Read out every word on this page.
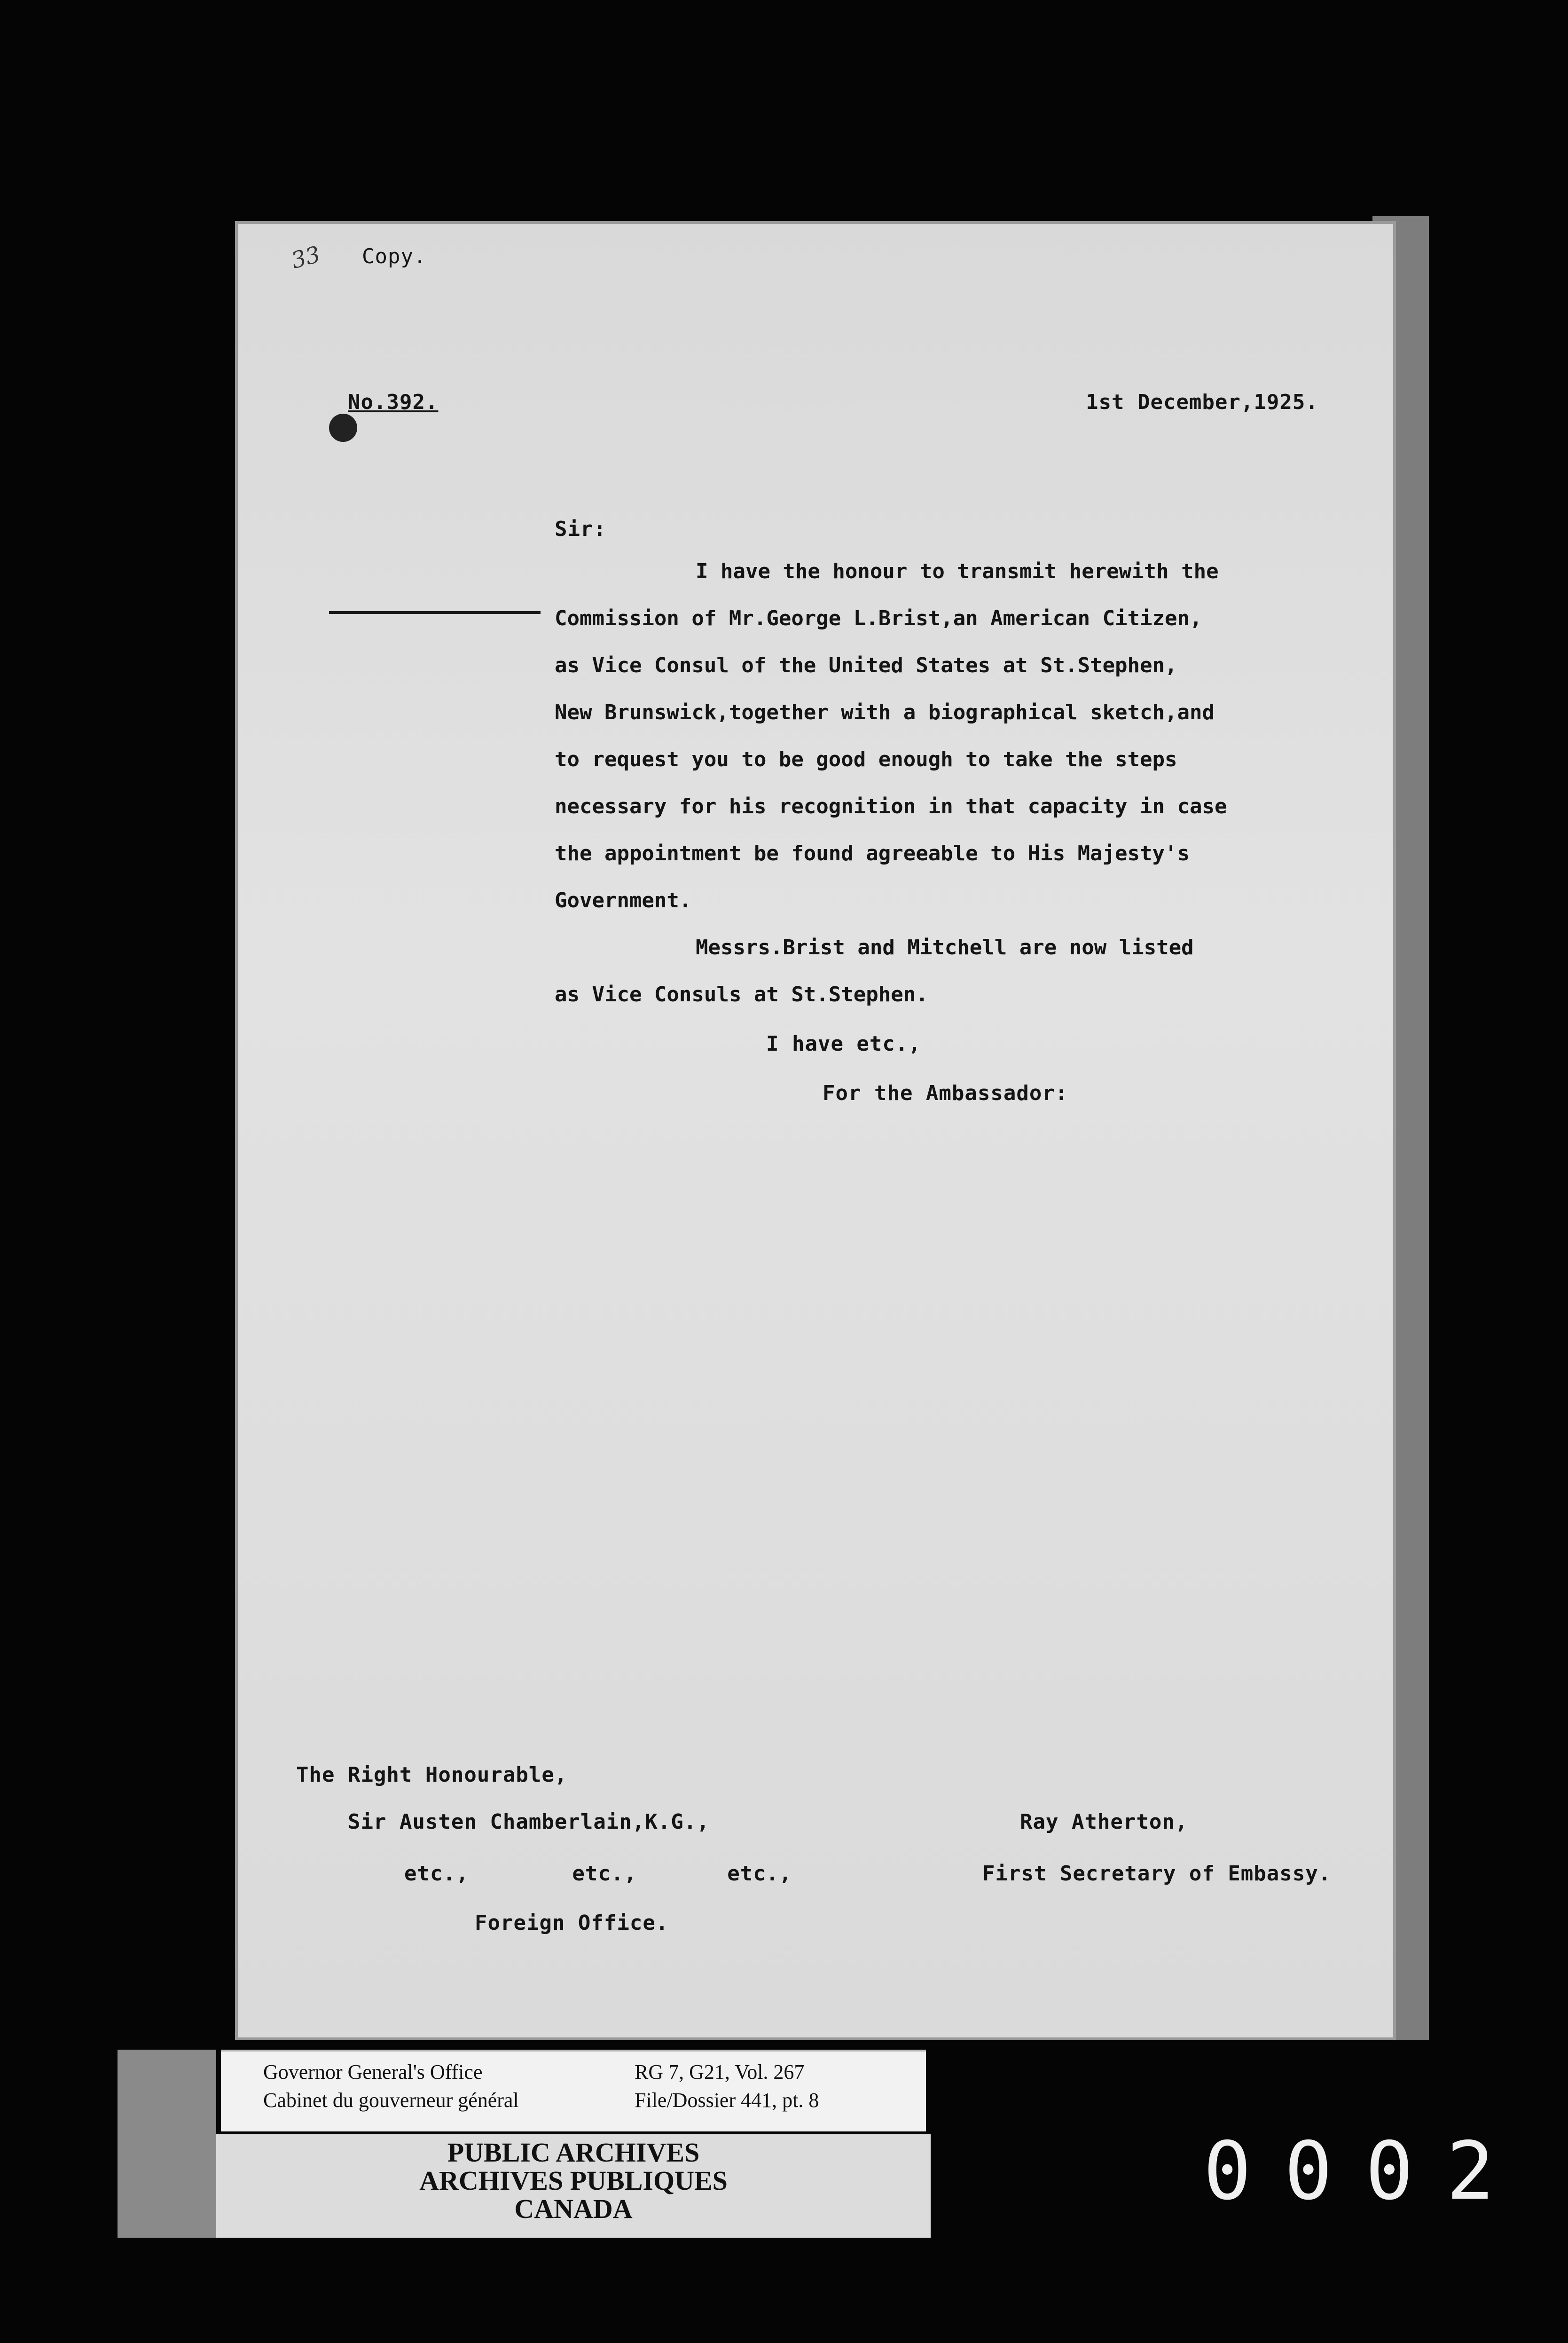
33 Copy.
No.392.	1st December,1925.
Sir:
I have the honour to transmit herewith the
Commission of Mr.George L.Brist,an American Citizen,
as Vice Consul of the United States at St.Stephen,
New Brunswick,together with a biographical sketch,and
to request you to be good enough to take the steps
necessary for his recognition in that capacity in case
the appointment be found agreeable to His Majesty's
Government.
Messrs.Brist and Mitchell are now listed
as Vice Consuls at St.Stephen.
I have etc.,
For the Ambassador:
The Right Honourable,
Sir Austen Chamberlain,K.G.,
etc.,        etc.,       etc.,
Foreign Office.
Ray Atherton,
First Secretary of Embassy.
Governor General's Office
Cabinet du gouverneur général
RG 7, G21, Vol. 267
File/Dossier 441, pt. 8
PUBLIC ARCHIVES
ARCHIVES PUBLIQUES
CANADA	0002
